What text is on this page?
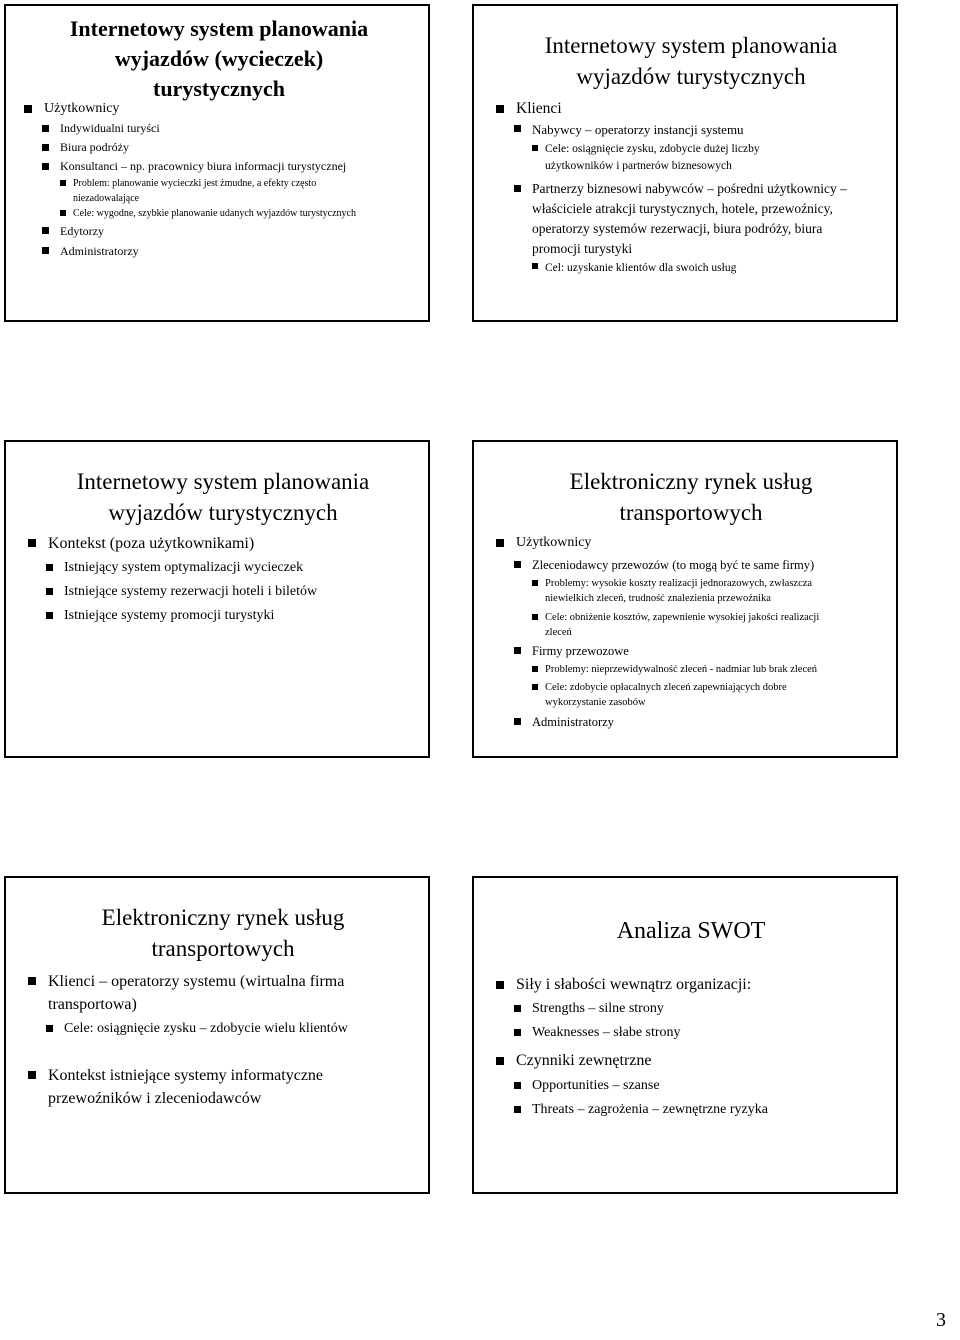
Internetowy system planowania
wyjazdów (wycieczek)
turystycznych
Użytkownicy
Indywidualni turyści
Biura podróży
Konsultanci – np. pracownicy biura informacji turystycznej
Problem: planowanie wycieczki jest żmudne, a efekty często niezadowalające
Cele: wygodne, szybkie planowanie udanych wyjazdów turystycznych
Edytorzy
Administratorzy
Internetowy system planowania
wyjazdów turystycznych
Klienci
Nabywcy – operatorzy instancji systemu
Cele: osiągnięcie zysku, zdobycie dużej liczby użytkowników i partnerów biznesowych
Partnerzy biznesowi nabywców – pośredni użytkownicy – właściciele atrakcji turystycznych, hotele, przewoźnicy, operatorzy systemów rezerwacji, biura podróży, biura promocji turystyki
Cel: uzyskanie klientów dla swoich usług
Internetowy system planowania
wyjazdów turystycznych
Kontekst (poza użytkownikami)
Istniejący system optymalizacji wycieczek
Istniejące systemy rezerwacji hoteli i biletów
Istniejące systemy promocji turystyki
Elektroniczny rynek usług
transportowych
Użytkownicy
Zleceniodawcy przewozów (to mogą być te same firmy)
Problemy: wysokie koszty realizacji jednorazowych, zwłaszcza niewielkich zleceń, trudność znalezienia przewoźnika
Cele: obniżenie kosztów, zapewnienie wysokiej jakości realizacji zleceń
Firmy przewozowe
Problemy: nieprzewidywalność zleceń - nadmiar lub brak zleceń
Cele: zdobycie opłacalnych zleceń zapewniających dobre wykorzystanie zasobów
Administratorzy
Elektroniczny rynek usług
transportowych
Klienci – operatorzy systemu (wirtualna firma transportowa)
Cele: osiągnięcie zysku – zdobycie wielu klientów
Kontekst istniejące systemy informatyczne przewoźników i zleceniodawców
Analiza SWOT
Siły i słabości wewnątrz organizacji:
Strengths – silne strony
Weaknesses – słabe strony
Czynniki zewnętrzne
Opportunities – szanse
Threats – zagrożenia – zewnętrzne ryzyka
3
